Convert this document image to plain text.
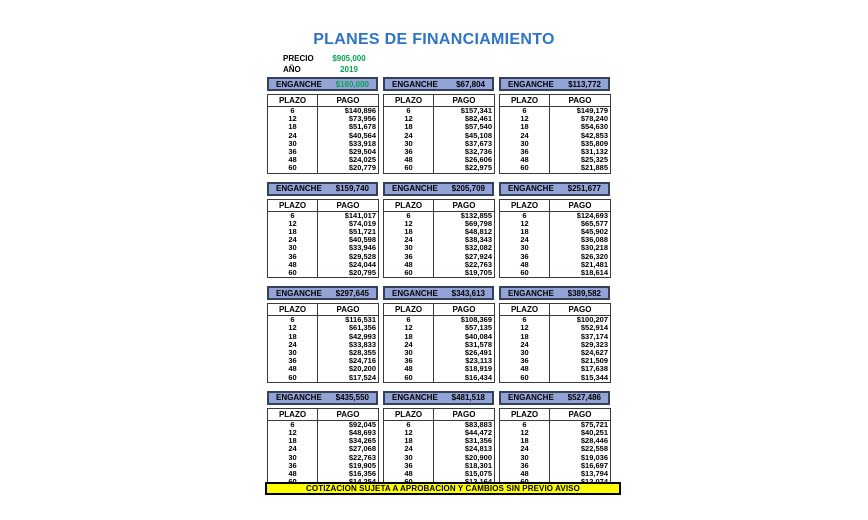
PLANES DE FINANCIAMIENTO
PRECIO	$905,000
AÑO	2019
ENGANCHE $160,000
PLAZO	PAGO
6	$140,896
12	$73,956
18	$51,678
24	$40,564
30	$33,918
36	$29,504
48	$24,025
60	$20,779
ENGANCHE $67,804
PLAZO	PAGO
6	$157,341
12	$82,461
18	$57,540
24	$45,108
30	$37,673
36	$32,736
48	$26,606
60	$22,975
ENGANCHE $113,772
PLAZO	PAGO
6	$149,179
12	$78,240
18	$54,630
24	$42,853
30	$35,809
36	$31,132
48	$25,325
60	$21,885
ENGANCHE $159,740
PLAZO	PAGO
6	$141,017
12	$74,019
18	$51,721
24	$40,598
30	$33,946
36	$29,528
48	$24,044
60	$20,795
ENGANCHE $205,709
PLAZO	PAGO
6	$132,855
12	$69,798
18	$48,812
24	$38,343
30	$32,082
36	$27,924
48	$22,763
60	$19,705
ENGANCHE $251,677
PLAZO	PAGO
6	$124,693
12	$65,577
18	$45,902
24	$36,088
30	$30,218
36	$26,320
48	$21,481
60	$18,614
ENGANCHE $297,645
PLAZO	PAGO
6	$116,531
12	$61,356
18	$42,993
24	$33,833
30	$28,355
36	$24,716
48	$20,200
60	$17,524
ENGANCHE $343,613
PLAZO	PAGO
6	$108,369
12	$57,135
18	$40,084
24	$31,578
30	$26,491
36	$23,113
48	$18,919
60	$16,434
ENGANCHE $389,582
PLAZO	PAGO
6	$100,207
12	$52,914
18	$37,174
24	$29,323
30	$24,627
36	$21,509
48	$17,638
60	$15,344
ENGANCHE $435,550
PLAZO	PAGO
6	$92,045
12	$48,693
18	$34,265
24	$27,068
30	$22,763
36	$19,905
48	$16,356

ENGANCHE $481,518
PLAZO	PAGO
6	$83,883
12	$44,472
18	$31,356
24	$24,813
30	$20,900
36	$18,301
48	$15,075

ENGANCHE $527,486
PLAZO	PAGO
6	$75,721
12	$40,251
18	$28,446
24	$22,558
30	$19,036
36	$16,697
48	$13,794

COTIZACION SUJETA A APROBACION Y CAMBIOS SIN PREVIO AVISO
